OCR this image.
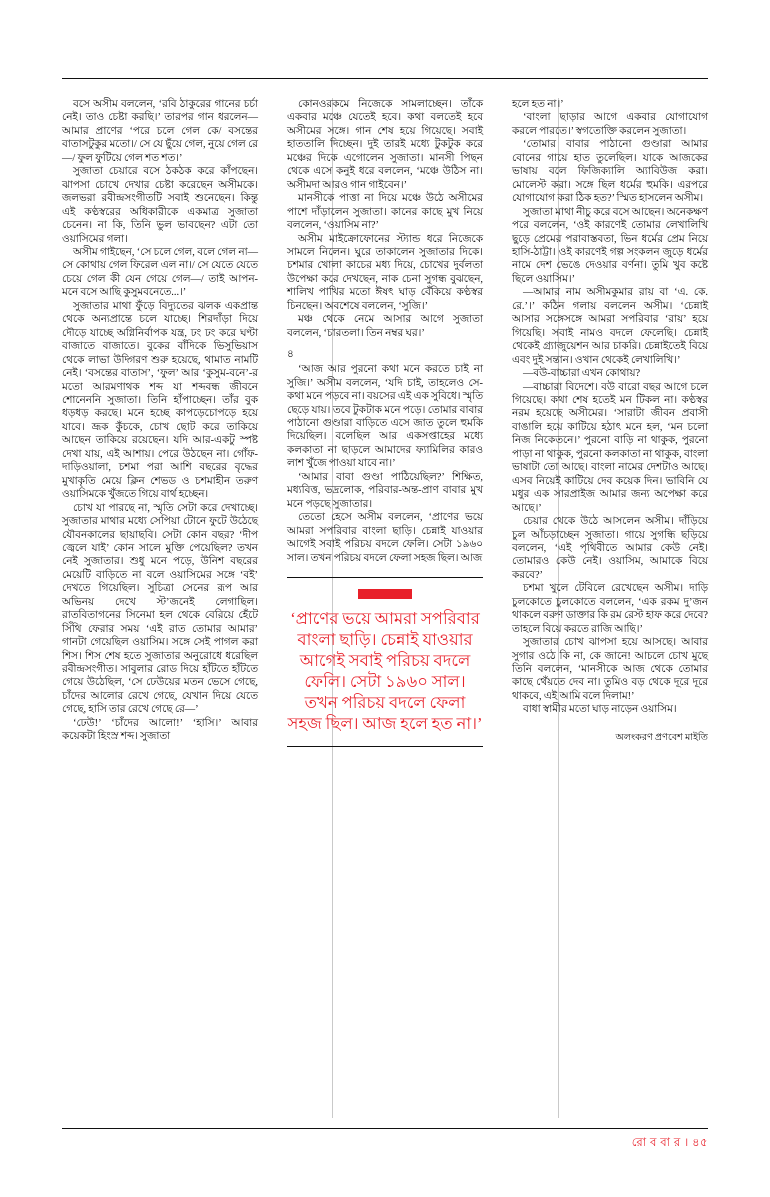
বসে অসীম বললেন, ‘রবি ঠাকুরের গানের চর্চা নেই। তাও চেষ্টা করছি।’ তারপর গান ধরলেন— আমার প্রাণের ‘পরে চলে গেল কে/ বসন্তের বাতাসটুকুর মতো।/ সে যে ছুঁয়ে গেল, নুয়ে গেল রে—/ ফুল ফুটিয়ে গেল শত শত।’

সুজাতা চেয়ারে বসে ঠকঠক করে কাঁপছেন। ঝাপসা চোখে দেখার চেষ্টা করেছেন অসীমকে। জলভরা রবীন্দ্রসংগীতটি সবাই শুনেছেন। কিন্তু এই কণ্ঠস্বরের অধিকারীকে একমাত্র সুজাতা চেনেন। না কি, তিনি ভুল ভাবছেন? এটা তো ওয়াসিমের গলা।

অসীম গাইছেন, ‘সে চলে গেল, বলে গেল না— সে কোথায় গেল ফিরেল এল না।/ সে যেতে যেতে চেয়ে গেল কী যেন গেয়ে গেল—/ তাই আপন-মনে বসে আছি কুসুমবনেতে...।’

সুজাতার মাথা ফুঁড়ে বিদ্যুতের ঝলক একপ্রান্ত থেকে অন্যপ্রান্তে চলে যাচ্ছে। শিরদাঁড়া দিয়ে দৌড়ে যাচ্ছে অগ্নিনির্বাপক যন্ত্র, ঢং ঢং করে ঘণ্টা বাজাতে বাজাতে। বুকের বাঁদিকে ভিসুভিয়াস থেকে লাভা উদ্গিরণ শুরু হয়েছে, থামাত নামটি নেই। ‘বসন্তের বাতাস’, ‘ফুল’ আর ‘কুসুম-বনে’-র মতো আরমণাথক শব্দ যা শব্দবন্ধ জীবনে শোনেননি সুজাতা। তিনি হাঁপাচ্ছেন। তাঁর বুক ধড়ধড় করছে। মনে হচ্ছে কাপড়েচোপড়ে হয়ে যাবে। ভ্রূক কুঁচকে, চোখ ছোট করে তাকিয়ে আছেন তাকিয়ে রয়েছেন। যদি আর-একটু স্পষ্ট দেখা যায়, এই আশায়। পেরে উঠছেন না। গোঁফ-দাড়িওয়ালা, চশমা পরা আশি বছরের বৃদ্ধের মুখাকৃতি মেয়ে ক্লিন শেভড ও চশমাহীন তরুণ ওয়াসিমকে খুঁজতে গিয়ে বার্থ হচ্ছেন।

চোখ যা পারছে না, স্মৃতি সেটা করে দেখাচ্ছে। সুজাতার মাথার মধ্যে সেপিয়া টোনে ফুটে উঠেছে যৌবনকালের ছায়াছবি। সেটা কোন বছর? ‘দীপ জ্বেলে যাই’ কোন সালে মুক্তি পেয়েছিল? তখন নেই সুজাতার। শুধু মনে পড়ে, উনিশ বছরের মেয়েটি বাড়িতে না বলে ওয়াসিমের সঙ্গে ‘বই’ দেখতে গিয়েছিল। সুচিত্রা সেনের রূপ আর অভিনয় দেখে স্ট’জনেই লেগাছিল। রাতবিতাগনের সিনেমা হল থেকে বেরিয়ে হেঁটে সিঁথি ফেরার সময় ‘এই রাত তোমার আমার’ গানটা গেয়েছিল ওয়াসিম। সঙ্গে সেই পাগল করা শিস। শিস শেষ হতে সুজাতার অনুরোধে ধরেছিল রবীন্দ্রসংগীত। সাবুলার রোড দিয়ে হাঁটতে হাঁটতে গেয়ে উঠেছিল, ‘সে ঢেউয়ের মতন ভেসে গেছে, চাঁদের আলোর রেখে গেছে, যেখান দিয়ে যেতে গেছে, হাসি তার রেখে গেছে রে—’

‘ঢেউ!’ ‘চাঁদের আলো!’ ‘হাসি।’ আবার কয়েকটা হিংস্র শব্দ। সুজাতা

কোনওরকমে নিজেকে সামলাচ্ছেন। তাঁকে একবার মঞ্চে যেতেই হবে। কথা বলতেই হবে অসীমের সঙ্গে। গান শেষ হয়ে গিয়েছে। সবাই হাততালি দিচ্ছেন। দুই তারই মধ্যে টুকটুক করে মঞ্চের দিকে এগোলেন সুজাতা। মানসী পিছন থেকে এসে কনুই ধরে বললেন, ‘মঞ্চে উঠিস না। অসীমদা আরও গান গাইবেন।’

মানসীকে পাত্তা না দিয়ে মঞ্চে উঠে অসীমের পাশে দাঁড়ালেন সুজাতা। কানের কাছে মুখ নিয়ে বললেন, ‘ওয়াসিম না?’

অসীম মাইক্রোফোনের স্ট্যান্ড ধরে নিজেকে সামলে নিলেন। ঘুরে তাকালেন সুজাতার দিকে। চশমার খোলা কাচের মধ্য দিয়ে, চোখের দুর্বলতা উপেক্ষা করে দেখছেন, নাক চেনা সুগন্ধ বুঝছেন, শালিখ পাখির মতো ঈষৎ ঘাড় বেঁকিয়ে কণ্ঠস্বর চিনছেন। অবশেষে বললেন, ‘সুজি।’

মঞ্চ থেকে নেমে আসার আগে সুজাতা বললেন, ‘চারতলা। তিন নম্বর ঘর।’

৪

‘আজ আর পুরনো কথা মনে করতে চাই না সুজি।’ অসীম বললেন, ‘যদি চাই, তাহলেও সে-কথা মনে পড়বে না। বয়সের এই এক সুবিধে। স্মৃতি ছেড়ে যায়। তবে টুকটাক মনে পড়ে। তোমার বাবার পাঠানো গুণ্ডারা বাড়িতে এসে জাত তুলে হুমকি দিয়েছিল। বলেছিল আর একসপ্তাহের মধ্যে কলকাতা না ছাড়লে আমাদের ফ্যামিলির কারও লাশ খুঁজে পাওয়া যাবে না।’

‘আমার বাবা গুণ্ডা পাঠিয়েছিল?’ শিক্ষিত, মধ্যবিত্ত, ভদ্রলোক, পরিবার-অন্ত-প্রাণ বাবার মুখ মনে পড়ছে সুজাতার।

তেতো হেসে অসীম বললেন, ‘প্রাণের ভয়ে আমরা সপরিবার বাংলা ছাড়ি। চেন্নাই যাওয়ার আগেই সবাই পরিচয় বদলে ফেলি। সেটা ১৯৬০ সাল। তখন পরিচয় বদলে ফেলা সহজ ছিল। আজ

‘প্রাণের ভয়ে আমরা সপরিবার বাংলা ছাড়ি। চেন্নাই যাওয়ার আগেই সবাই পরিচয় বদলে ফেলি। সেটা ১৯৬০ সাল। তখন পরিচয় বদলে ফেলা সহজ ছিল। আজ হলে হত না।’

হলে হত না।’

‘বাংলা ছাড়ার আগে একবার যোগাযোগ করলে পারতে।’ স্বগতোক্তি করলেন সুজাতা।

‘তোমার বাবার পাঠানো গুণ্ডারা আমার বোনের গায়ে হাত তুলেছিল। যাকে আজকের ভাষায় বলে ফিজিক্যালি অ্যাবিউজ করা। মোলেস্ট করা। সঙ্গে ছিল ধর্মের হুমকি। এরপরে যোগাযোগ করা ঠিক হত?’ স্মিত হাসলেন অসীম।

সুজাতা মাথা নীচু করে বসে আছেন। অনেকক্ষণ পরে বললেন, ‘ওই কারণেই তোমার লেখালিখি ছুড়ে প্রেমের পরাবাস্তবতা, ভিন ধর্মের প্রেম নিয়ে হাসি-ঠাট্টা। ওই কারণেই গল্প সংকলন জুড়ে ধর্মের নামে দেশ ভেঙে দেওয়ার বর্ণনা। তুমি খুব কষ্টে ছিলে ওয়াসিম।’

—আমার নাম অসীমকুমার রায় বা ‘এ. কে. রে.’।’ কঠিন গলায় বললেন অসীম। ‘চেন্নাই আসার সঙ্গেসঙ্গে আমরা সপরিবার ‘রায়’ হয়ে গিয়েছি। সবাই নামও বদলে ফেলেছি। চেন্নাই থেকেই গ্র্যাজুয়েশন আর চাকরি। চেন্নাইতেই বিয়ে এবং দুই সন্তান। ওখান থেকেই লেখালিখি।’

—বউ-বাচ্চারা এখন কোথায়?

—বাচ্চারা বিদেশে। বউ বারো বছর আগে চলে গিয়েছে। কথা শেষ হতেই মন টিকল না। কণ্ঠস্বর নরম হয়েছে অসীমের। ‘সারাটা জীবন প্রবাসী বাঙালি হয়ে কাটিয়ে হঠাৎ মনে হল, ‘মন চলো নিজ নিকেতনে।’ পুরনো বাড়ি না থাকুক, পুরনো পাড়া না থাকুক, পুরনো কলকাতা না থাকুক, বাংলা ভাষাটা তো আছে। বাংলা নামের দেশটাও আছে। এসব নিয়েই কাটিয়ে দেব কয়েক দিন। ভাবিনি যে মধুর এক সারপ্রাইজ আমার জন্য অপেক্ষা করে আছে।’

চেয়ার থেকে উঠে আসলেন অসীম। দাঁড়িয়ে চুল আঁচড়াচ্ছেন সুজাতা। গায়ে সুগন্ধি ছড়িয়ে বললেন, ‘এই পৃথিবীতে আমার কেউ নেই। তোমারও কেউ নেই। ওয়াসিম, আমাকে বিয়ে করবে?’

চশমা খুলে টেবিলে রেখেছেন অসীম। দাড়ি চুলকোতে চুলকোতে বললেন, ‘এক রকম দু’জন থাকলে বরুণ ডাক্তার কি রম রেস্ট হাফ করে দেবে? তাহলে বিয়ে করতে রাজি আছি।’

সুজাতার চোখ ঝাপসা হয়ে আসছে। আবার সুগার ওঠে কি না, কে জানে! আচলে চোখ মুছে তিনি বললেন, ‘মানসীকে আজ থেকে তোমার কাছে থেঁয়তে দেব না। তুমিও বড় থেকে দূরে দূরে থাকবে, এই আমি বলে দিলাম!’

বাধা স্বামীর মতো ঘাড় নাড়েন ওয়াসিম।

অলংকরণ প্রণবেশ মাইতি

রো ব বা র । ৪৫
